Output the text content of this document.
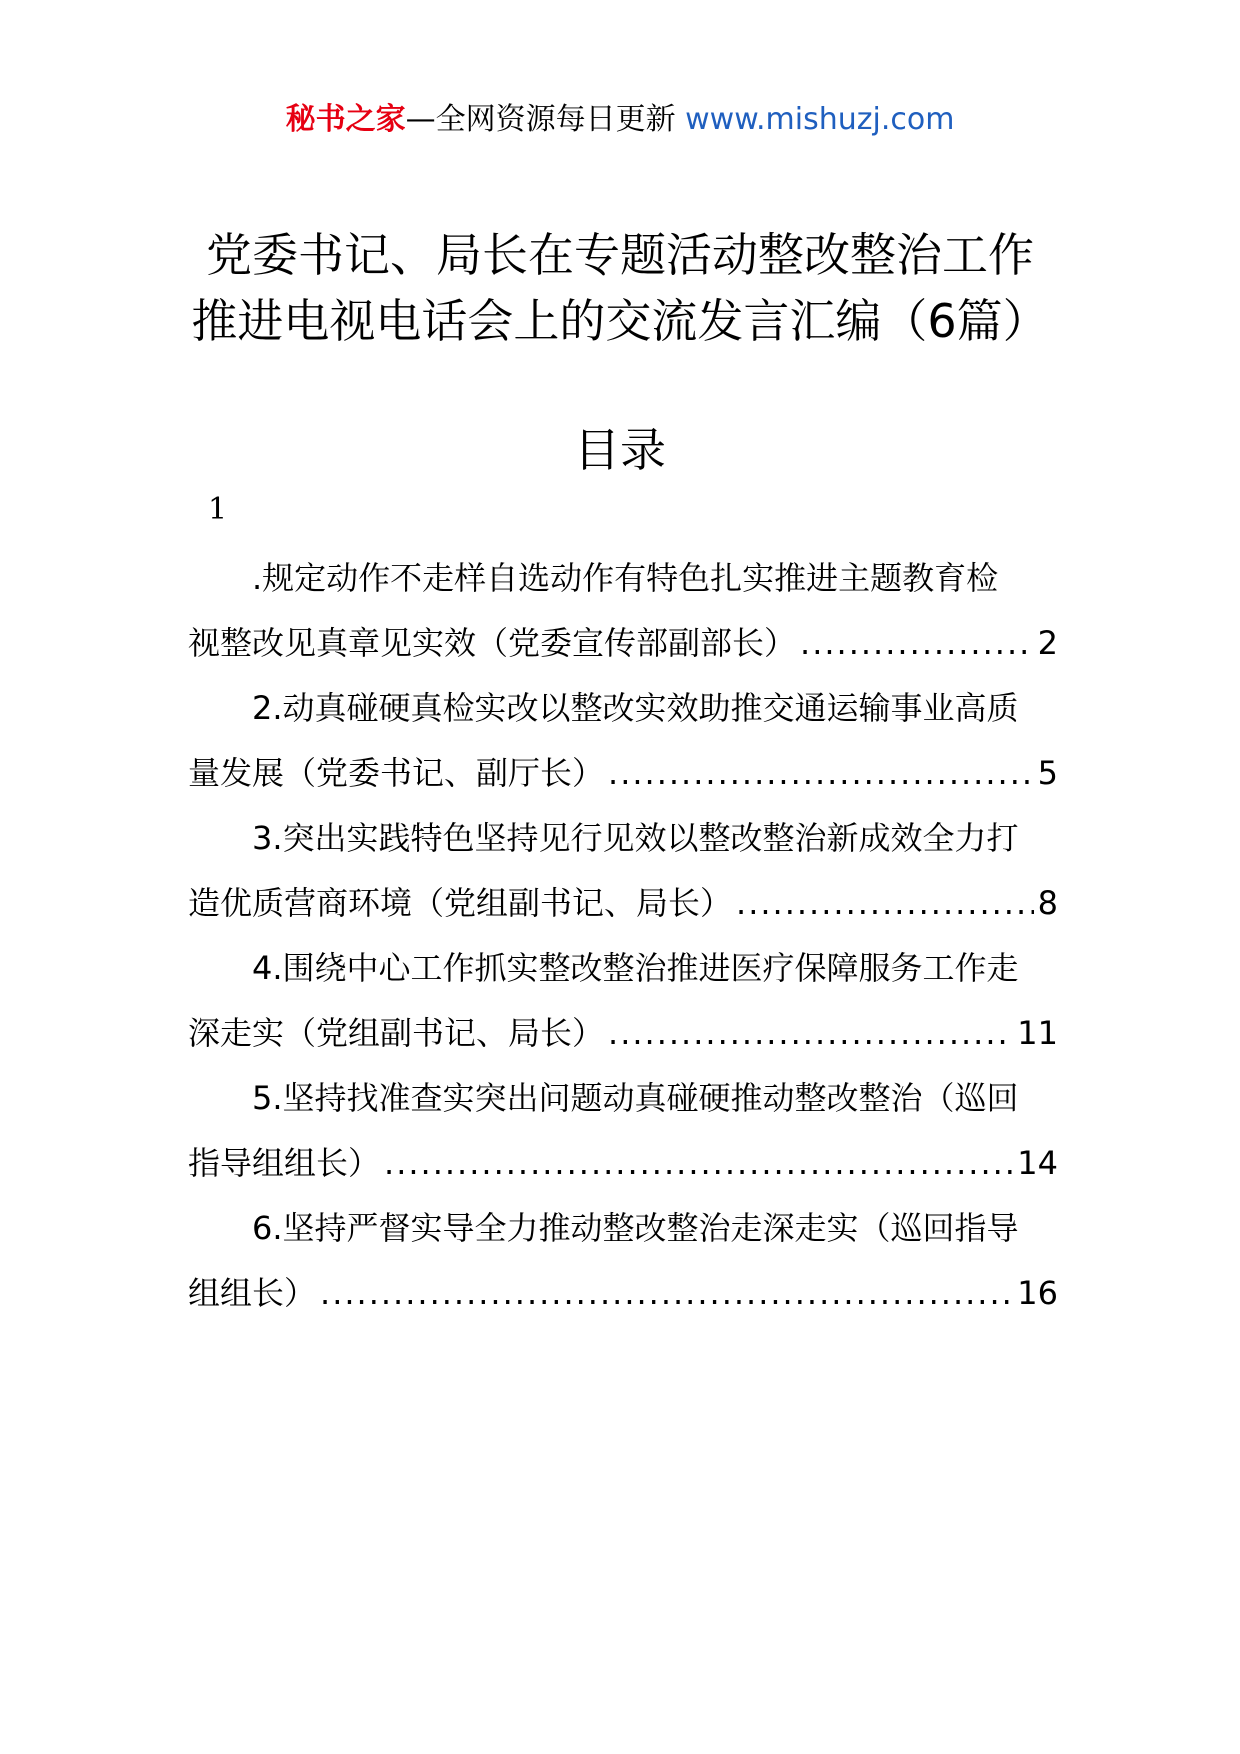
秘书之家—全网资源每日更新 www.mishuzj.com
党委书记、局长在专题活动整改整治工作
推进电视电话会上的交流发言汇编（6篇）
目录
1
.规定动作不走样自选动作有特色扎实推进主题教育检
视整改见真章见实效（党委宣传部副部长） .....	2
2.动真碰硬真检实改以整改实效助推交通运输事业高质
量发展（党委书记、副厅长） .....	5
3.突出实践特色坚持见行见效以整改整治新成效全力打
造优质营商环境（党组副书记、局长） .....	8
4.围绕中心工作抓实整改整治推进医疗保障服务工作走
深走实（党组副书记、局长） .....	11
5.坚持找准查实突出问题动真碰硬推动整改整治（巡回
指导组组长） .....	14
6.坚持严督实导全力推动整改整治走深走实（巡回指导
组组长） .....	16
